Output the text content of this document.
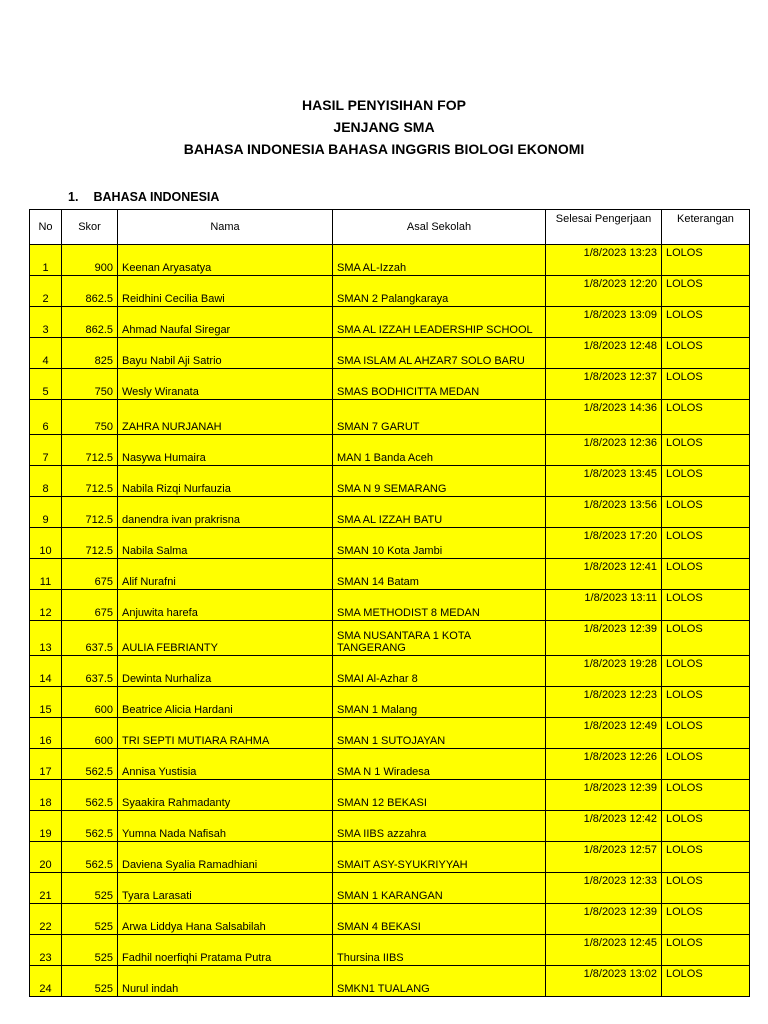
HASIL PENYISIHAN FOP
JENJANG SMA
BAHASA INDONESIA BAHASA INGGRIS BIOLOGI EKONOMI
1. BAHASA INDONESIA
No	Skor	Nama	Asal Sekolah	Selesai Pengerjaan	Keterangan
1	900	Keenan Aryasatya	SMA AL-Izzah	1/8/2023 13:23	LOLOS
2	862.5	Reidhini Cecilia Bawi	SMAN 2 Palangkaraya	1/8/2023 12:20	LOLOS
3	862.5	Ahmad Naufal Siregar	SMA AL IZZAH LEADERSHIP SCHOOL	1/8/2023 13:09	LOLOS
4	825	Bayu Nabil Aji Satrio	SMA ISLAM AL AHZAR7 SOLO BARU	1/8/2023 12:48	LOLOS
5	750	Wesly Wiranata	SMAS BODHICITTA MEDAN	1/8/2023 12:37	LOLOS
6	750	ZAHRA NURJANAH	SMAN 7 GARUT	1/8/2023 14:36	LOLOS
7	712.5	Nasywa Humaira	MAN 1 Banda Aceh	1/8/2023 12:36	LOLOS
8	712.5	Nabila Rizqi Nurfauzia	SMA N 9 SEMARANG	1/8/2023 13:45	LOLOS
9	712.5	danendra ivan prakrisna	SMA AL IZZAH BATU	1/8/2023 13:56	LOLOS
10	712.5	Nabila Salma	SMAN 10 Kota Jambi	1/8/2023 17:20	LOLOS
11	675	Alif Nurafni	SMAN 14 Batam	1/8/2023 12:41	LOLOS
12	675	Anjuwita harefa	SMA METHODIST 8 MEDAN	1/8/2023 13:11	LOLOS
13	637.5	AULIA FEBRIANTY	SMA NUSANTARA 1 KOTA TANGERANG	1/8/2023 12:39	LOLOS
14	637.5	Dewinta Nurhaliza	SMAI Al-Azhar 8	1/8/2023 19:28	LOLOS
15	600	Beatrice Alicia Hardani	SMAN 1 Malang	1/8/2023 12:23	LOLOS
16	600	TRI SEPTI MUTIARA RAHMA	SMAN 1 SUTOJAYAN	1/8/2023 12:49	LOLOS
17	562.5	Annisa Yustisia	SMA N 1 Wiradesa	1/8/2023 12:26	LOLOS
18	562.5	Syaakira Rahmadanty	SMAN 12 BEKASI	1/8/2023 12:39	LOLOS
19	562.5	Yumna Nada Nafisah	SMA IIBS azzahra	1/8/2023 12:42	LOLOS
20	562.5	Daviena Syalia Ramadhiani	SMAIT ASY-SYUKRIYYAH	1/8/2023 12:57	LOLOS
21	525	Tyara Larasati	SMAN 1 KARANGAN	1/8/2023 12:33	LOLOS
22	525	Arwa Liddya Hana Salsabilah	SMAN 4 BEKASI	1/8/2023 12:39	LOLOS
23	525	Fadhil noerfiqhi Pratama Putra	Thursina IIBS	1/8/2023 12:45	LOLOS
24	525	Nurul indah	SMKN1 TUALANG	1/8/2023 13:02	LOLOS
